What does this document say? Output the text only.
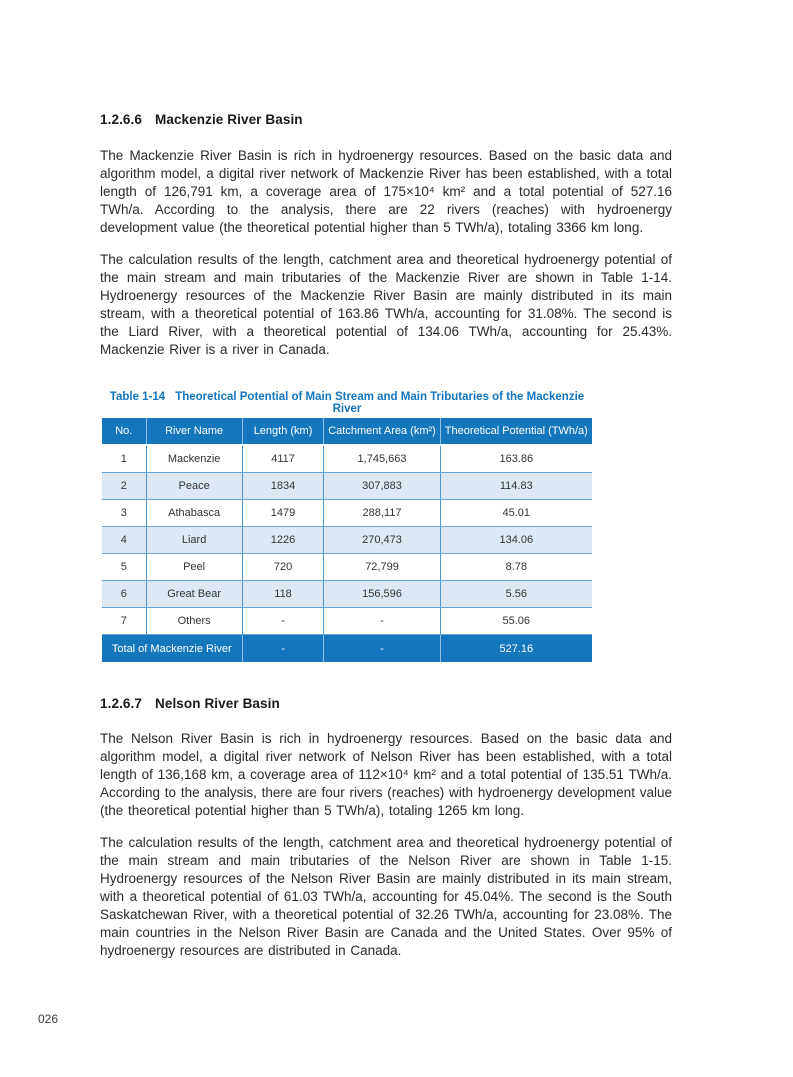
1.2.6.6 Mackenzie River Basin

The Mackenzie River Basin is rich in hydroenergy resources. Based on the basic data and algorithm model, a digital river network of Mackenzie River has been established, with a total length of 126,791 km, a coverage area of 175×10⁴ km² and a total potential of 527.16 TWh/a. According to the analysis, there are 22 rivers (reaches) with hydroenergy development value (the theoretical potential higher than 5 TWh/a), totaling 3366 km long.

The calculation results of the length, catchment area and theoretical hydroenergy potential of the main stream and main tributaries of the Mackenzie River are shown in Table 1-14. Hydroenergy resources of the Mackenzie River Basin are mainly distributed in its main stream, with a theoretical potential of 163.86 TWh/a, accounting for 31.08%. The second is the Liard River, with a theoretical potential of 134.06 TWh/a, accounting for 25.43%. Mackenzie River is a river in Canada.

Table 1-14 Theoretical Potential of Main Stream and Main Tributaries of the Mackenzie River
No.	River Name	Length (km)	Catchment Area (km²)	Theoretical Potential (TWh/a)
1	Mackenzie	4117	1,745,663	163.86
2	Peace	1834	307,883	114.83
3	Athabasca	1479	288,117	45.01
4	Liard	1226	270,473	134.06
5	Peel	720	72,799	8.78
6	Great Bear	118	156,596	5.56
7	Others	-	-	55.06
Total of Mackenzie River		-	-	527.16
1.2.6.7 Nelson River Basin

The Nelson River Basin is rich in hydroenergy resources. Based on the basic data and algorithm model, a digital river network of Nelson River has been established, with a total length of 136,168 km, a coverage area of 112×10⁴ km² and a total potential of 135.51 TWh/a. According to the analysis, there are four rivers (reaches) with hydroenergy development value (the theoretical potential higher than 5 TWh/a), totaling 1265 km long.

The calculation results of the length, catchment area and theoretical hydroenergy potential of the main stream and main tributaries of the Nelson River are shown in Table 1-15. Hydroenergy resources of the Nelson River Basin are mainly distributed in its main stream, with a theoretical potential of 61.03 TWh/a, accounting for 45.04%. The second is the South Saskatchewan River, with a theoretical potential of 32.26 TWh/a, accounting for 23.08%. The main countries in the Nelson River Basin are Canada and the United States. Over 95% of hydroenergy resources are distributed in Canada.

026
